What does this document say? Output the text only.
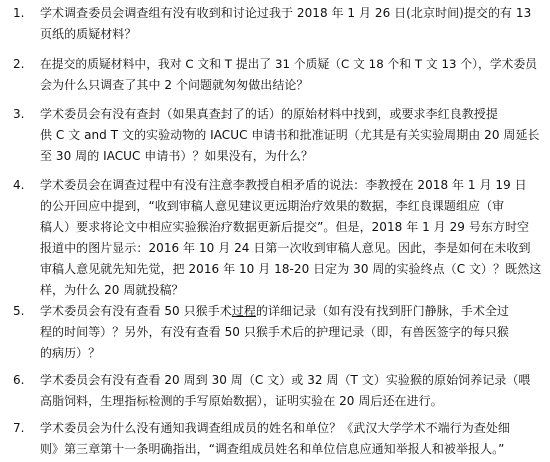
1.	学术调查委员会调查组有没有收到和讨论过我于 2018 年 1 月 26 日(北京时间)提交的有 13
页纸的质疑材料？
2.	在提交的质疑材料中，我对 C 文和 T 提出了 31 个质疑（C 文 18 个和 T 文 13 个），学术委员
会为什么只调查了其中 2 个问题就匆匆做出结论？
3.	学术委员会有没有查封（如果真查封了的话）的原始材料中找到，或要求李红良教授提
供 C 文 and T 文的实验动物的 IACUC 申请书和批准证明（尤其是有关实验周期由 20 周延长
至 30 周的 IACUC 申请书）？如果没有，为什么？
4.	学术委员会在调查过程中有没有注意李教授自相矛盾的说法：李教授在 2018 年 1 月 19 日
的公开回应中提到，“收到审稿人意见建议更远期治疗效果的数据，李红良课题组应（审
稿人）要求将论文中相应实验猴治疗数据更新后提交”。但是，2018 年 1 月 29 号东方时空
报道中的图片显示：2016 年 10 月 24 日第一次收到审稿人意见。因此，李是如何在未收到
审稿人意见就先知先觉，把 2016 年 10 月 18-20 日定为 30 周的实验终点（C 文）？既然这
样，为什么 20 周就投稿？
5.	学术委员会有没有查看 50 只猴手术过程的详细记录（如有没有找到肝门静脉，手术全过
程的时间等）？另外，有没有查看 50 只猴手术后的护理记录（即，有兽医签字的每只猴
的病历）？
6.	学术委员会有没有查看 20 周到 30 周（C 文）或 32 周（T 文）实验猴的原始饲养记录（喂
高脂饲料，生理指标检测的手写原始数据），证明实验在 20 周后还在进行。
7.	学术委员会为什么没有通知我调查组成员的姓名和单位？《武汉大学学术不端行为查处细
则》第三章第十一条明确指出，“调查组成员姓名和单位信息应通知举报人和被举报人。”
